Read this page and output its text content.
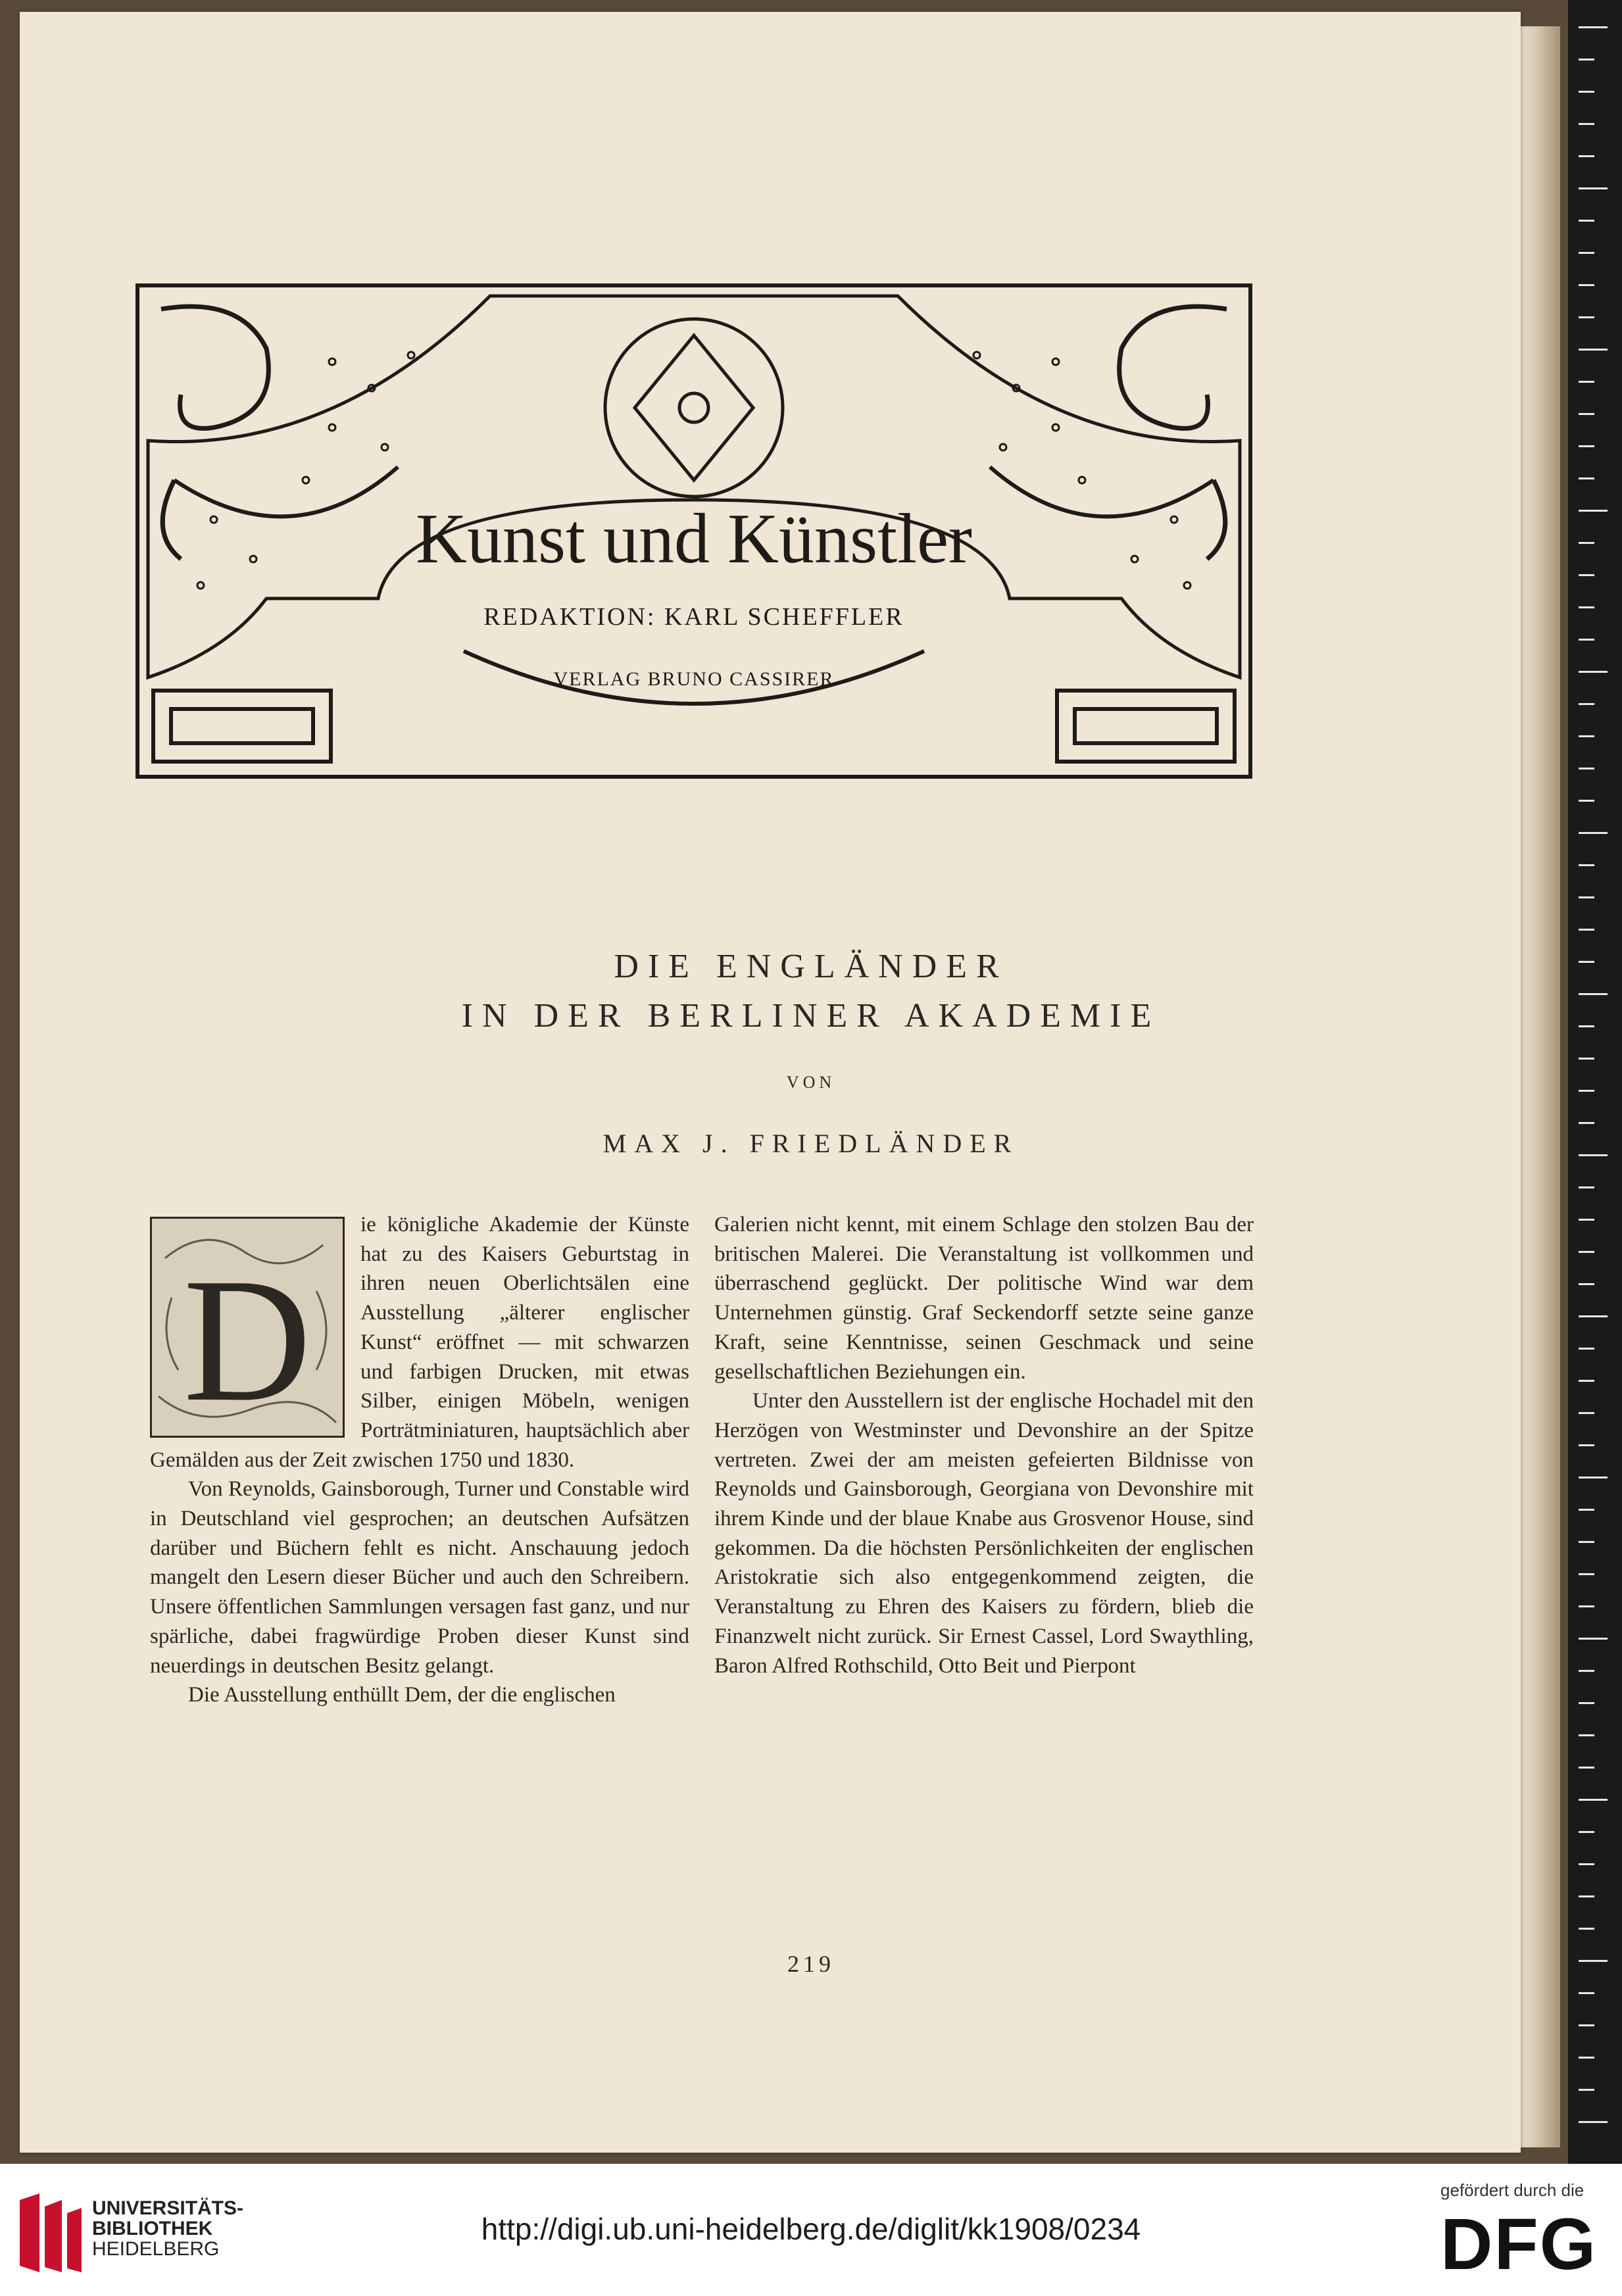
Kunst und Künstler
REDAKTION: KARL SCHEFFLER
VERLAG BRUNO CASSIRER
DIE ENGLÄNDER
IN DER BERLINER AKADEMIE
VON
MAX J. FRIEDLÄNDER
D

ie königliche Akademie der Künste hat zu des Kaisers Geburtstag in ihren neuen Oberlichtsälen eine Ausstellung „älterer englischer Kunst“ eröffnet — mit schwarzen und farbigen Drucken, mit etwas Silber, einigen Möbeln, wenigen Porträtminiaturen, hauptsächlich aber Gemälden aus der Zeit zwischen 1750 und 1830.

Von Reynolds, Gainsborough, Turner und Constable wird in Deutschland viel gesprochen; an deutschen Aufsätzen darüber und Büchern fehlt es nicht. Anschauung jedoch mangelt den Lesern dieser Bücher und auch den Schreibern. Unsere öffentlichen Sammlungen versagen fast ganz, und nur spärliche, dabei fragwürdige Proben dieser Kunst sind neuerdings in deutschen Besitz gelangt.

Die Ausstellung enthüllt Dem, der die englischen

Galerien nicht kennt, mit einem Schlage den stolzen Bau der britischen Malerei. Die Veranstaltung ist vollkommen und überraschend geglückt. Der politische Wind war dem Unternehmen günstig. Graf Seckendorff setzte seine ganze Kraft, seine Kenntnisse, seinen Geschmack und seine gesellschaftlichen Beziehungen ein.

Unter den Ausstellern ist der englische Hochadel mit den Herzögen von Westminster und Devonshire an der Spitze vertreten. Zwei der am meisten gefeierten Bildnisse von Reynolds und Gainsborough, Georgiana von Devonshire mit ihrem Kinde und der blaue Knabe aus Grosvenor House, sind gekommen. Da die höchsten Persönlichkeiten der englischen Aristokratie sich also entgegenkommend zeigten, die Veranstaltung zu Ehren des Kaisers zu fördern, blieb die Finanzwelt nicht zurück. Sir Ernest Cassel, Lord Swaythling, Baron Alfred Rothschild, Otto Beit und Pierpont

219
UNIVERSITÄTS-
BIBLIOTHEK
HEIDELBERG
http://digi.ub.uni-heidelberg.de/diglit/kk1908/0234
gefördert durch die
DFG
